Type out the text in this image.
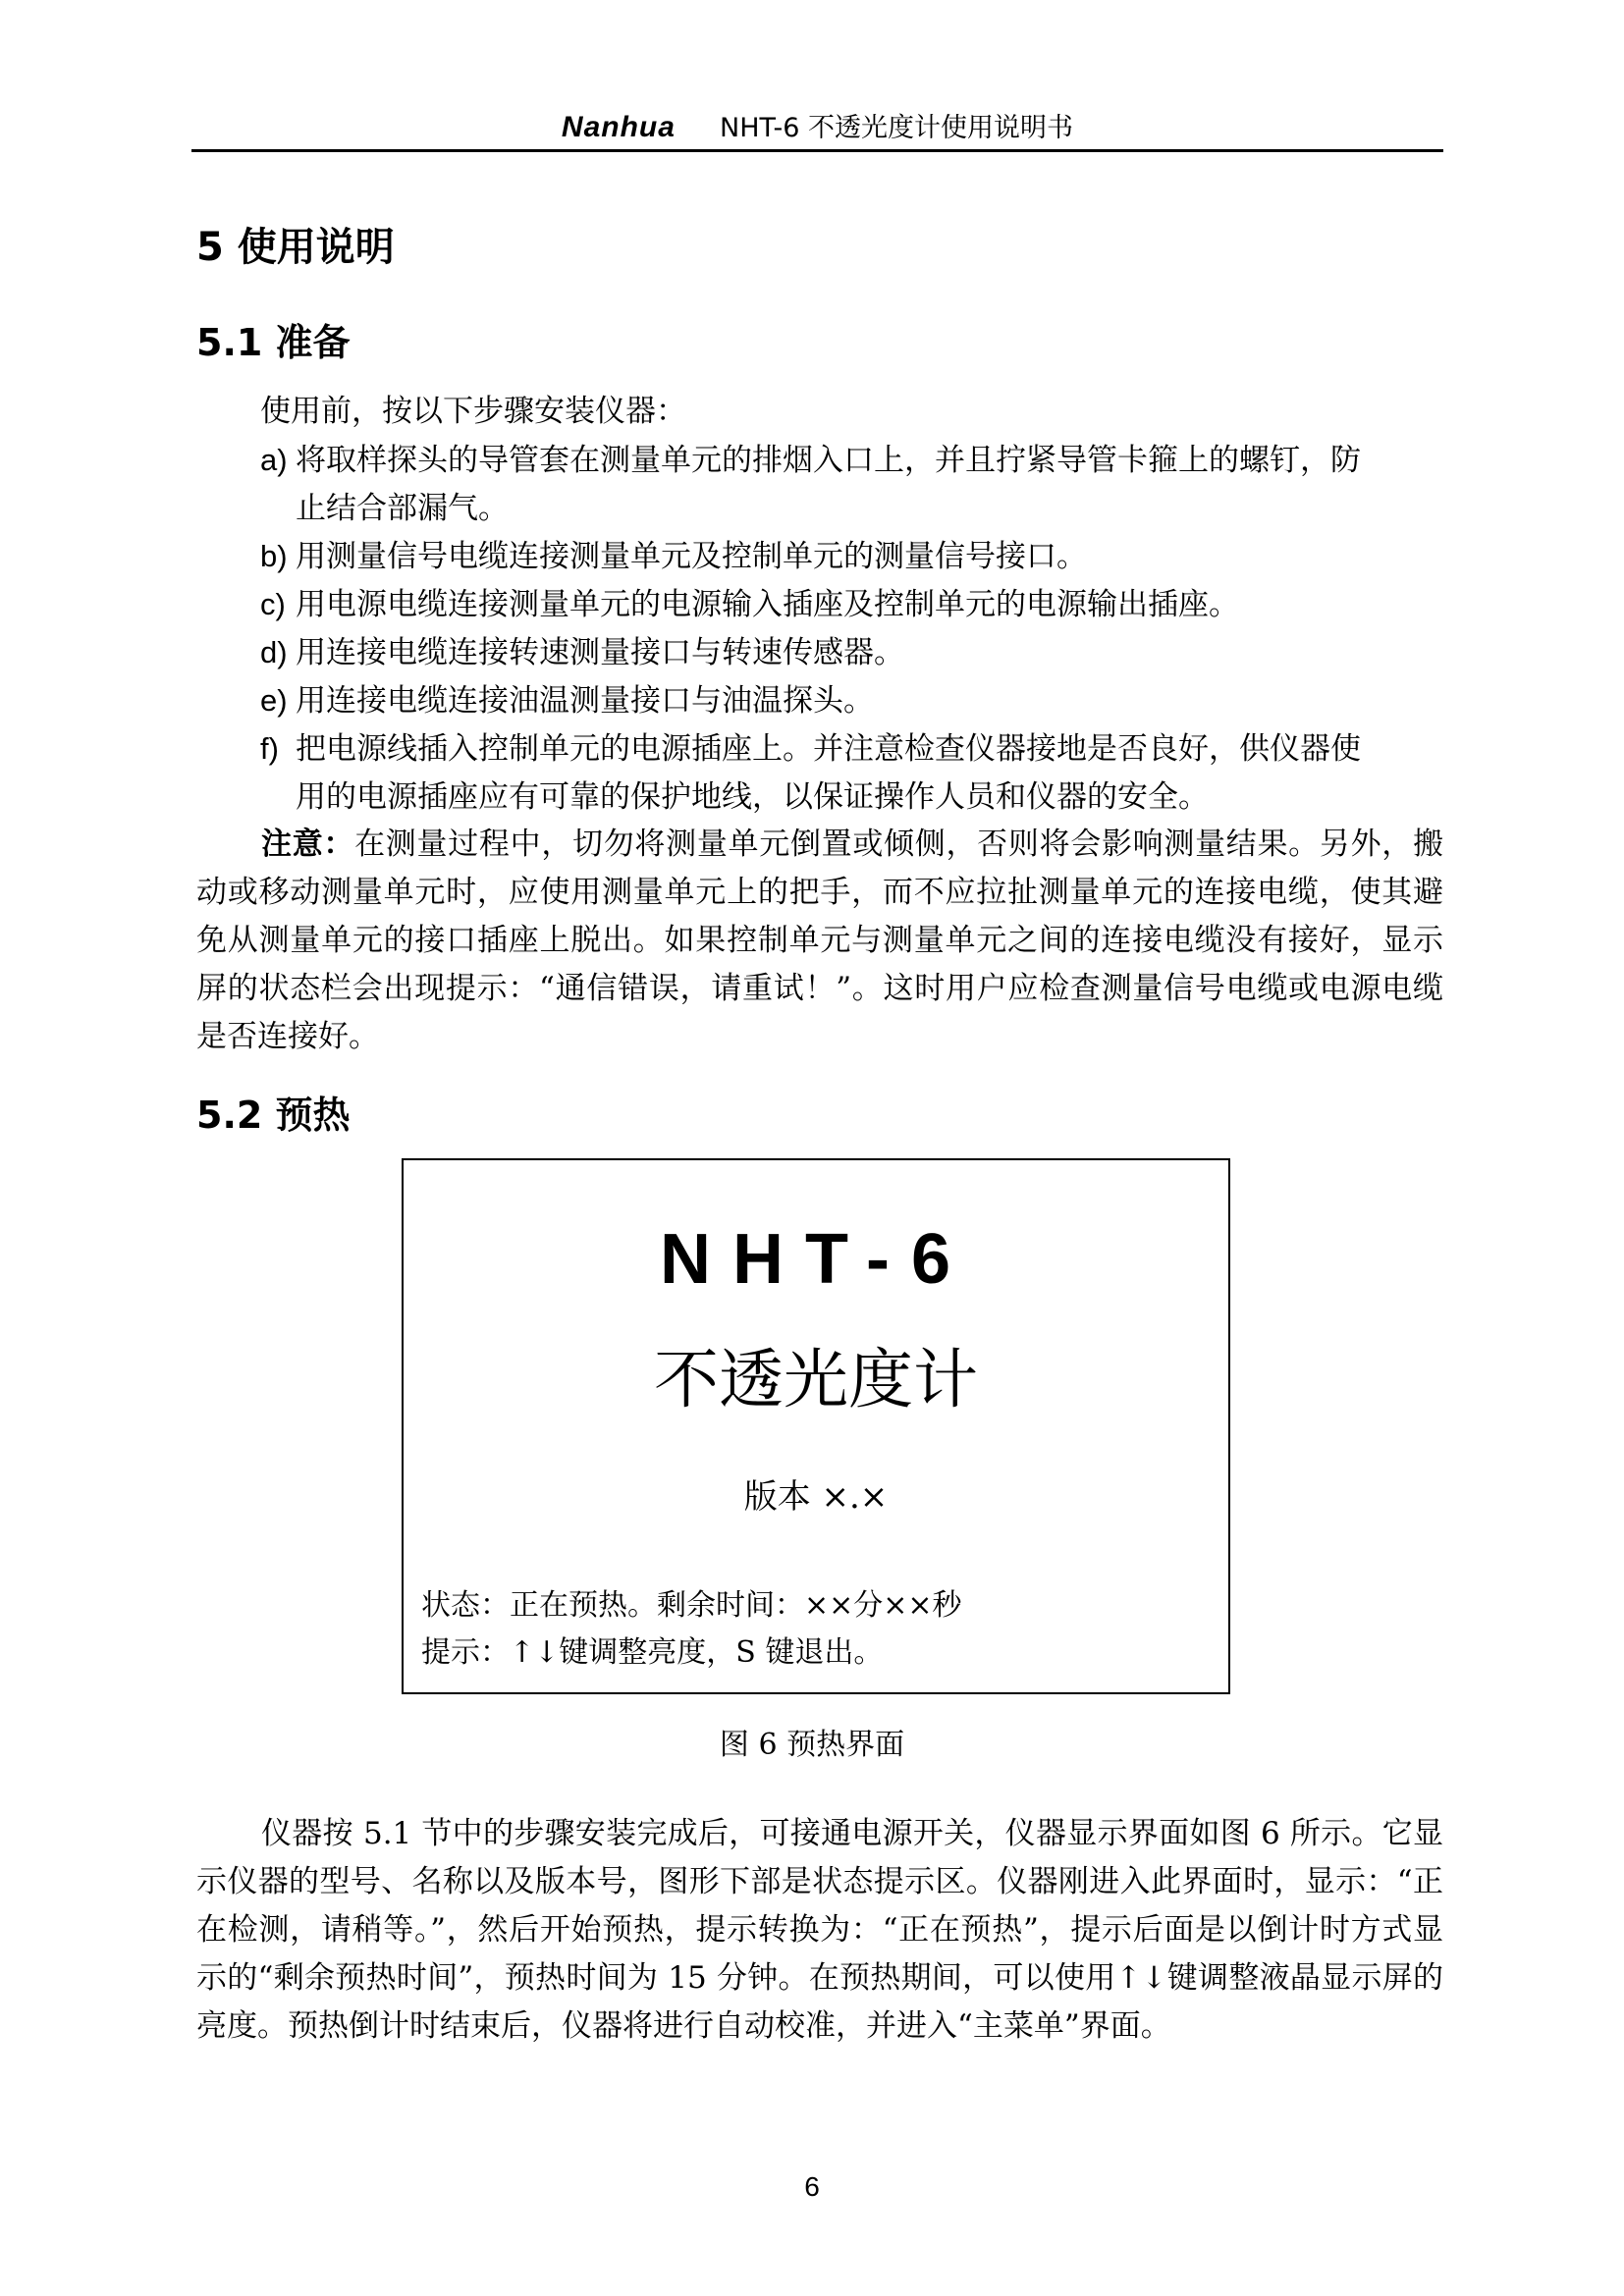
Nanhua NHT-6 不透光度计使用说明书
5 使用说明
5.1 准备

使用前，按以下步骤安装仪器：

a) 将取样探头的导管套在测量单元的排烟入口上，并且拧紧导管卡箍上的螺钉，防
止结合部漏气。
b) 用测量信号电缆连接测量单元及控制单元的测量信号接口。
c) 用电源电缆连接测量单元的电源输入插座及控制单元的电源输出插座。
d) 用连接电缆连接转速测量接口与转速传感器。
e) 用连接电缆连接油温测量接口与油温探头。
f) 把电源线插入控制单元的电源插座上。并注意检查仪器接地是否良好，供仪器使
用的电源插座应有可靠的保护地线，以保证操作人员和仪器的安全。

注意：在测量过程中，切勿将测量单元倒置或倾侧，否则将会影响测量结果。另外，搬动或移动测量单元时，应使用测量单元上的把手，而不应拉扯测量单元的连接电缆，使其避免从测量单元的接口插座上脱出。如果控制单元与测量单元之间的连接电缆没有接好，显示屏的状态栏会出现提示：“通信错误，请重试！”。这时用户应检查测量信号电缆或电源电缆是否连接好。

5.2 预热
NHT-6
不透光度计
版本 ×.×
状态：正在预热。剩余时间：××分××秒
提示：↑↓键调整亮度，S 键退出。
图 6 预热界面

仪器按 5.1 节中的步骤安装完成后，可接通电源开关，仪器显示界面如图 6 所示。它显示仪器的型号、名称以及版本号，图形下部是状态提示区。仪器刚进入此界面时，显示：“正在检测，请稍等。”，然后开始预热，提示转换为：“正在预热”，提示后面是以倒计时方式显示的“剩余预热时间”，预热时间为 15 分钟。在预热期间，可以使用↑↓键调整液晶显示屏的亮度。预热倒计时结束后，仪器将进行自动校准，并进入“主菜单”界面。

6
